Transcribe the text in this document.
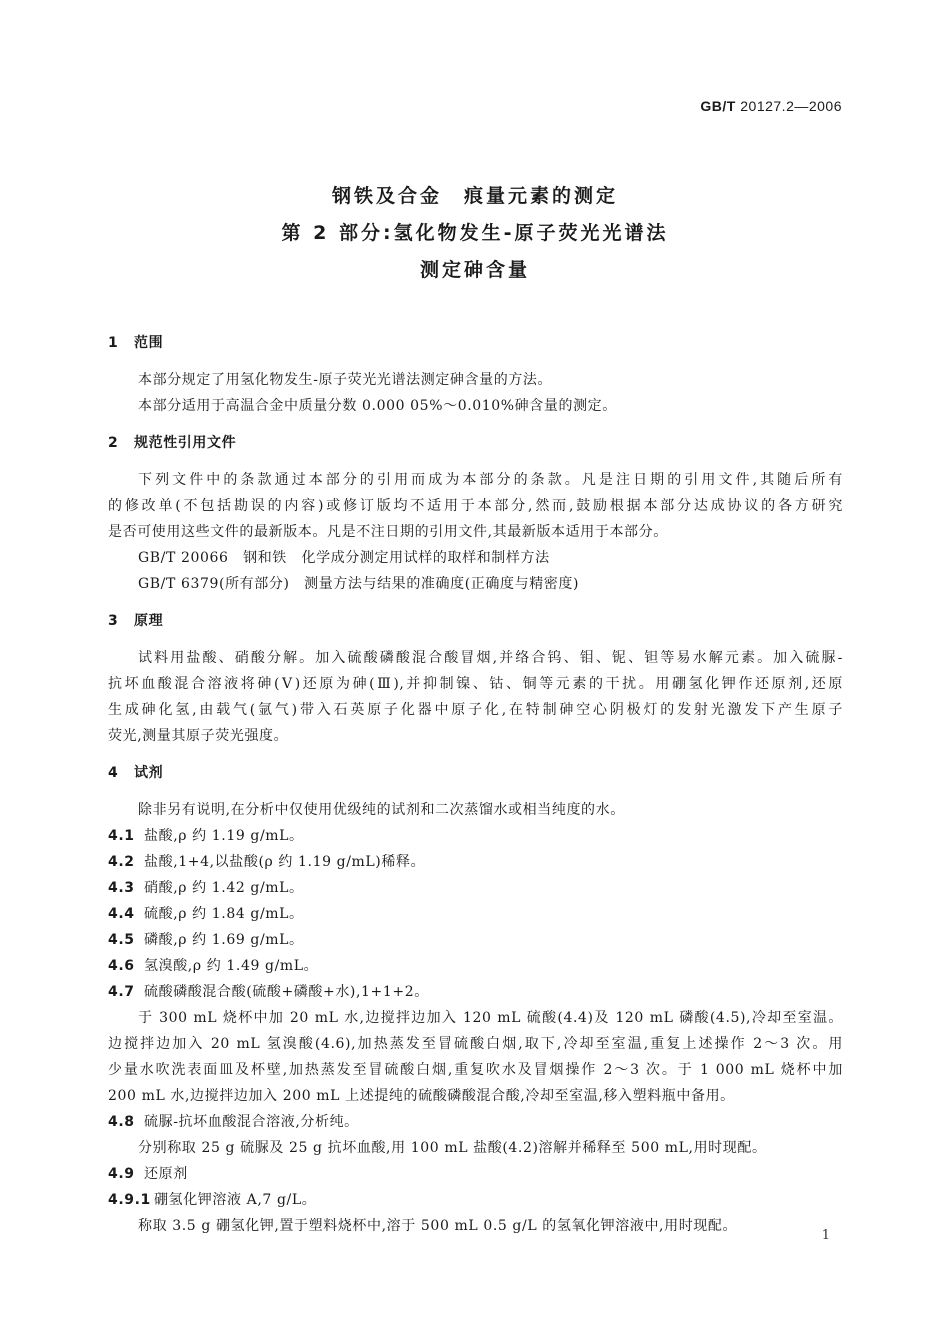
GB/T 20127.2—2006
钢铁及合金　痕量元素的测定
第 2 部分:氢化物发生-原子荧光光谱法
测定砷含量
1 范围
本部分规定了用氢化物发生-原子荧光光谱法测定砷含量的方法。
本部分适用于高温合金中质量分数 0.000 05%～0.010%砷含量的测定。
2 规范性引用文件
下列文件中的条款通过本部分的引用而成为本部分的条款。凡是注日期的引用文件,其随后所有
的修改单(不包括勘误的内容)或修订版均不适用于本部分,然而,鼓励根据本部分达成协议的各方研究
是否可使用这些文件的最新版本。凡是不注日期的引用文件,其最新版本适用于本部分。
GB/T 20066　钢和铁　化学成分测定用试样的取样和制样方法
GB/T 6379(所有部分)　测量方法与结果的准确度(正确度与精密度)
3 原理
试料用盐酸、硝酸分解。加入硫酸磷酸混合酸冒烟,并络合钨、钼、铌、钽等易水解元素。加入硫脲-
抗坏血酸混合溶液将砷(Ⅴ)还原为砷(Ⅲ),并抑制镍、钴、铜等元素的干扰。用硼氢化钾作还原剂,还原
生成砷化氢,由载气(氩气)带入石英原子化器中原子化,在特制砷空心阴极灯的发射光激发下产生原子
荧光,测量其原子荧光强度。
4 试剂
除非另有说明,在分析中仅使用优级纯的试剂和二次蒸馏水或相当纯度的水。
4.1 盐酸,ρ 约 1.19 g/mL。
4.2 盐酸,1+4,以盐酸(ρ 约 1.19 g/mL)稀释。
4.3 硝酸,ρ 约 1.42 g/mL。
4.4 硫酸,ρ 约 1.84 g/mL。
4.5 磷酸,ρ 约 1.69 g/mL。
4.6 氢溴酸,ρ 约 1.49 g/mL。
4.7 硫酸磷酸混合酸(硫酸+磷酸+水),1+1+2。
于 300 mL 烧杯中加 20 mL 水,边搅拌边加入 120 mL 硫酸(4.4)及 120 mL 磷酸(4.5),冷却至室温。
边搅拌边加入 20 mL 氢溴酸(4.6),加热蒸发至冒硫酸白烟,取下,冷却至室温,重复上述操作 2～3 次。用
少量水吹洗表面皿及杯壁,加热蒸发至冒硫酸白烟,重复吹水及冒烟操作 2～3 次。于 1 000 mL 烧杯中加
200 mL 水,边搅拌边加入 200 mL 上述提纯的硫酸磷酸混合酸,冷却至室温,移入塑料瓶中备用。
4.8 硫脲-抗坏血酸混合溶液,分析纯。
分别称取 25 g 硫脲及 25 g 抗坏血酸,用 100 mL 盐酸(4.2)溶解并稀释至 500 mL,用时现配。
4.9 还原剂
4.9.1 硼氢化钾溶液 A,7 g/L。
称取 3.5 g 硼氢化钾,置于塑料烧杯中,溶于 500 mL 0.5 g/L 的氢氧化钾溶液中,用时现配。
1
